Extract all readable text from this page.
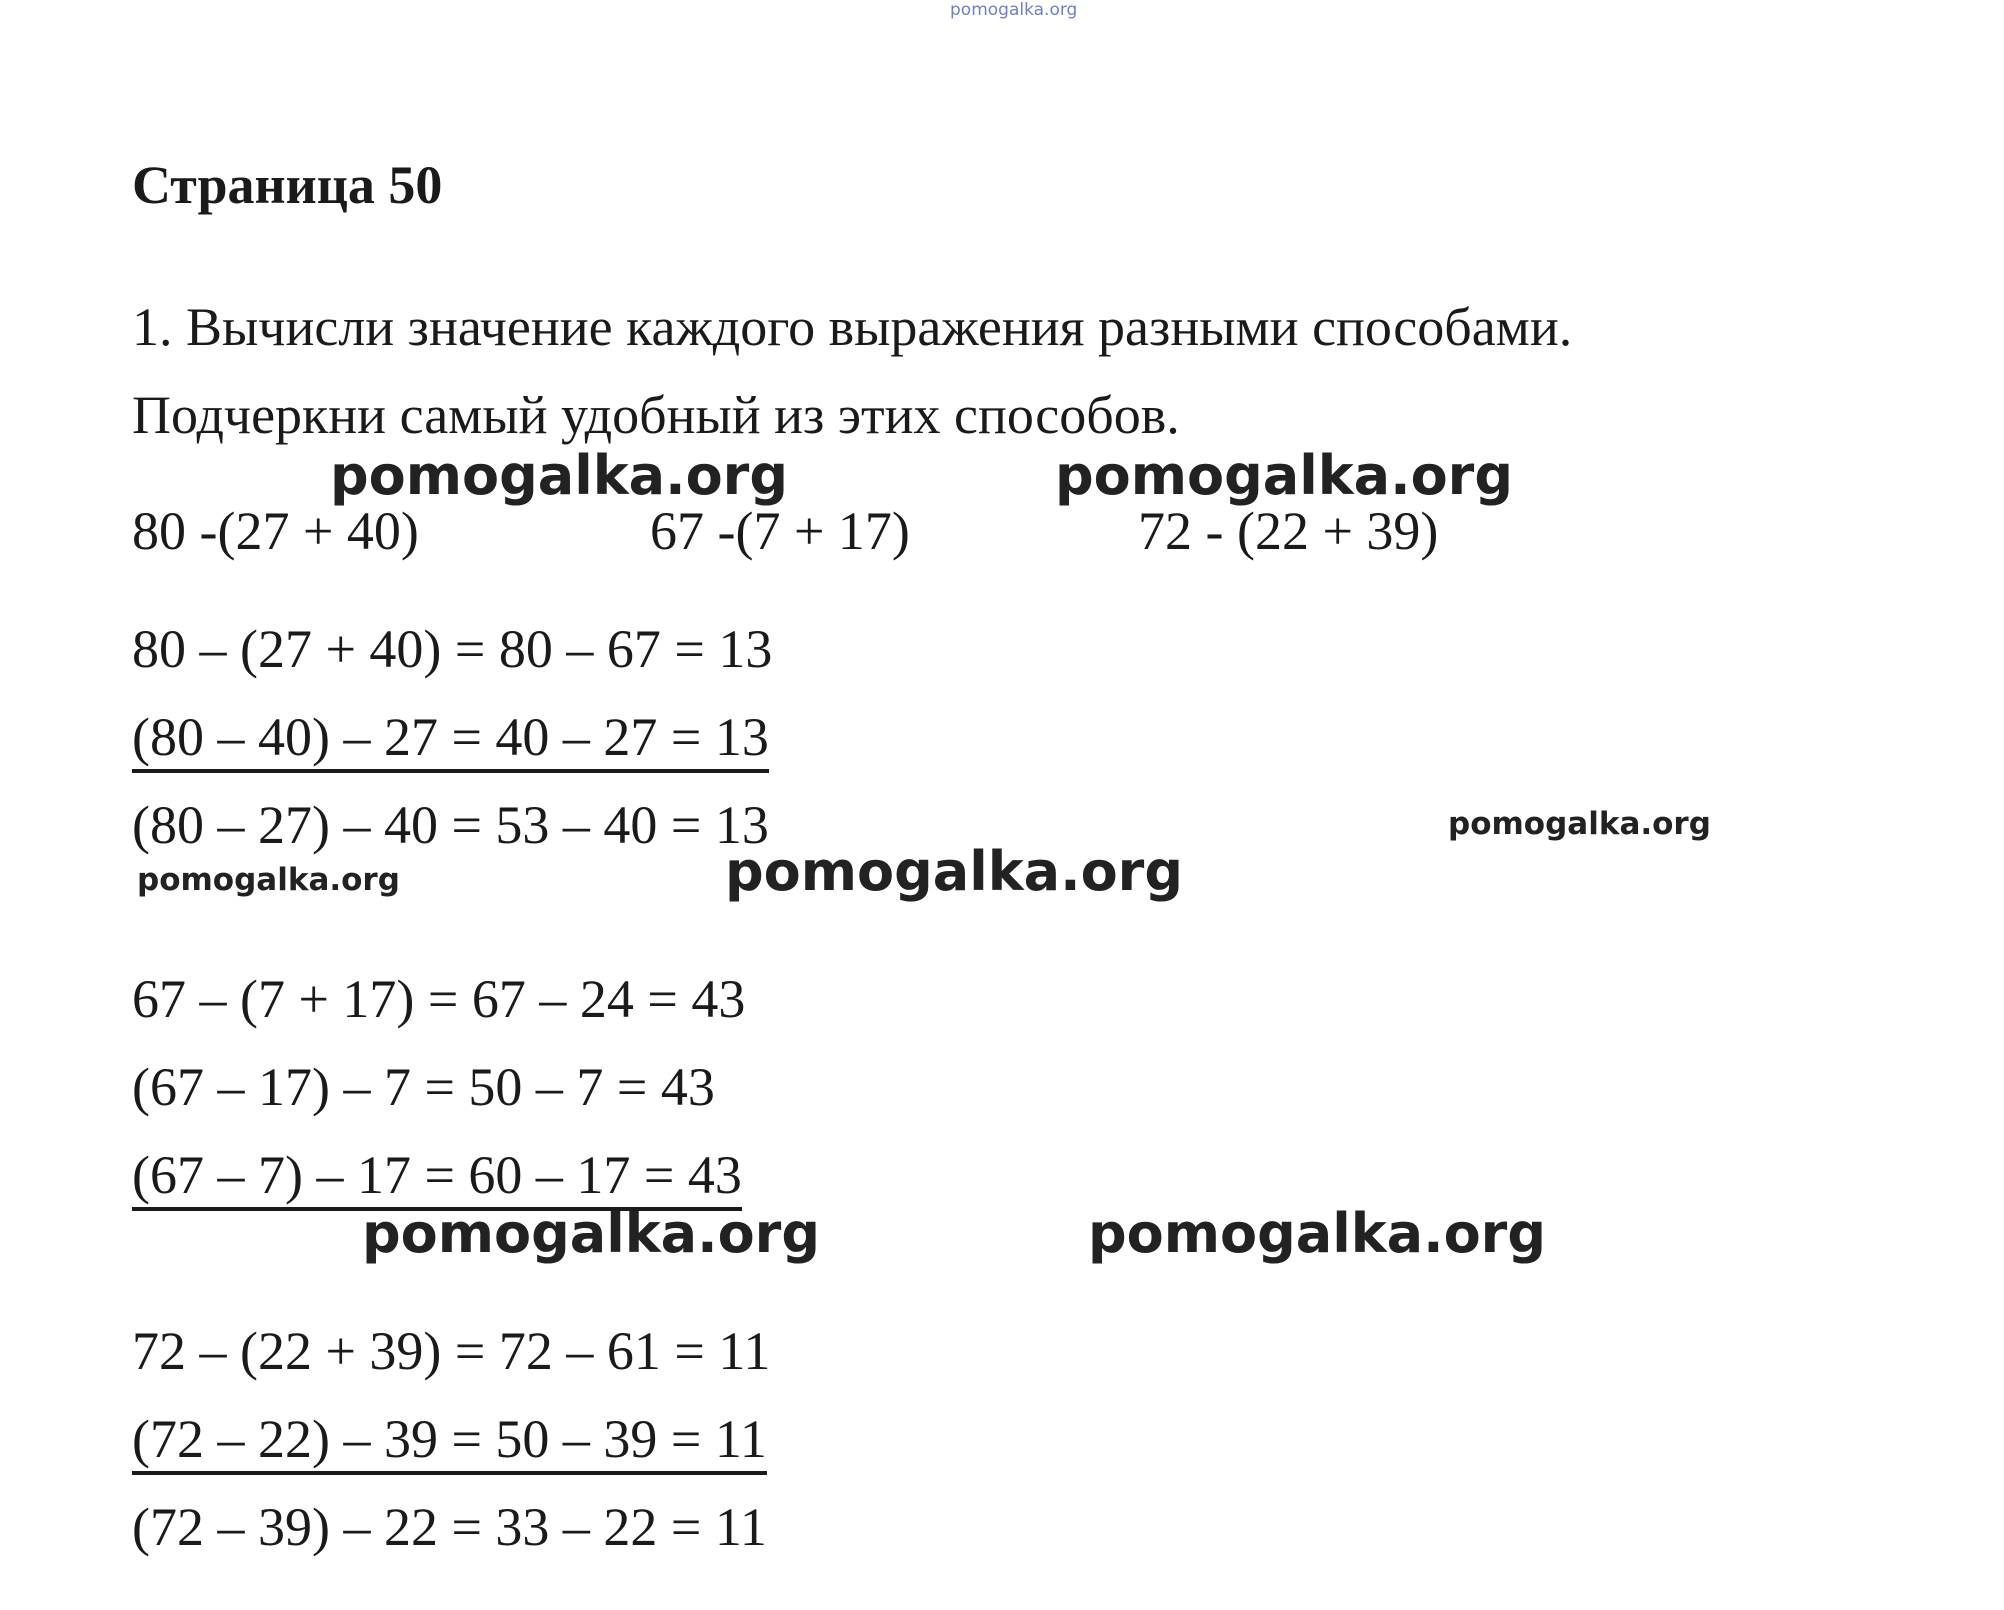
pomogalka.org
Страница 50
1. Вычисли значение каждого выражения разными способами.
Подчеркни самый удобный из этих способов.
pomogalka.org	pomogalka.org
80 -(27 + 40)	67 -(7 + 17)	72 - (22 + 39)
80 – (27 + 40) = 80 – 67 = 13
(80 – 40) – 27 = 40 – 27 = 13
(80 – 27) – 40 = 53 – 40 = 13	pomogalka.org
pomogalka.org	pomogalka.org
67 – (7 + 17) = 67 – 24 = 43
(67 – 17) – 7 = 50 – 7 = 43
(67 – 7) – 17 = 60 – 17 = 43
pomogalka.org	pomogalka.org
72 – (22 + 39) = 72 – 61 = 11
(72 – 22) – 39 = 50 – 39 = 11
(72 – 39) – 22 = 33 – 22 = 11
